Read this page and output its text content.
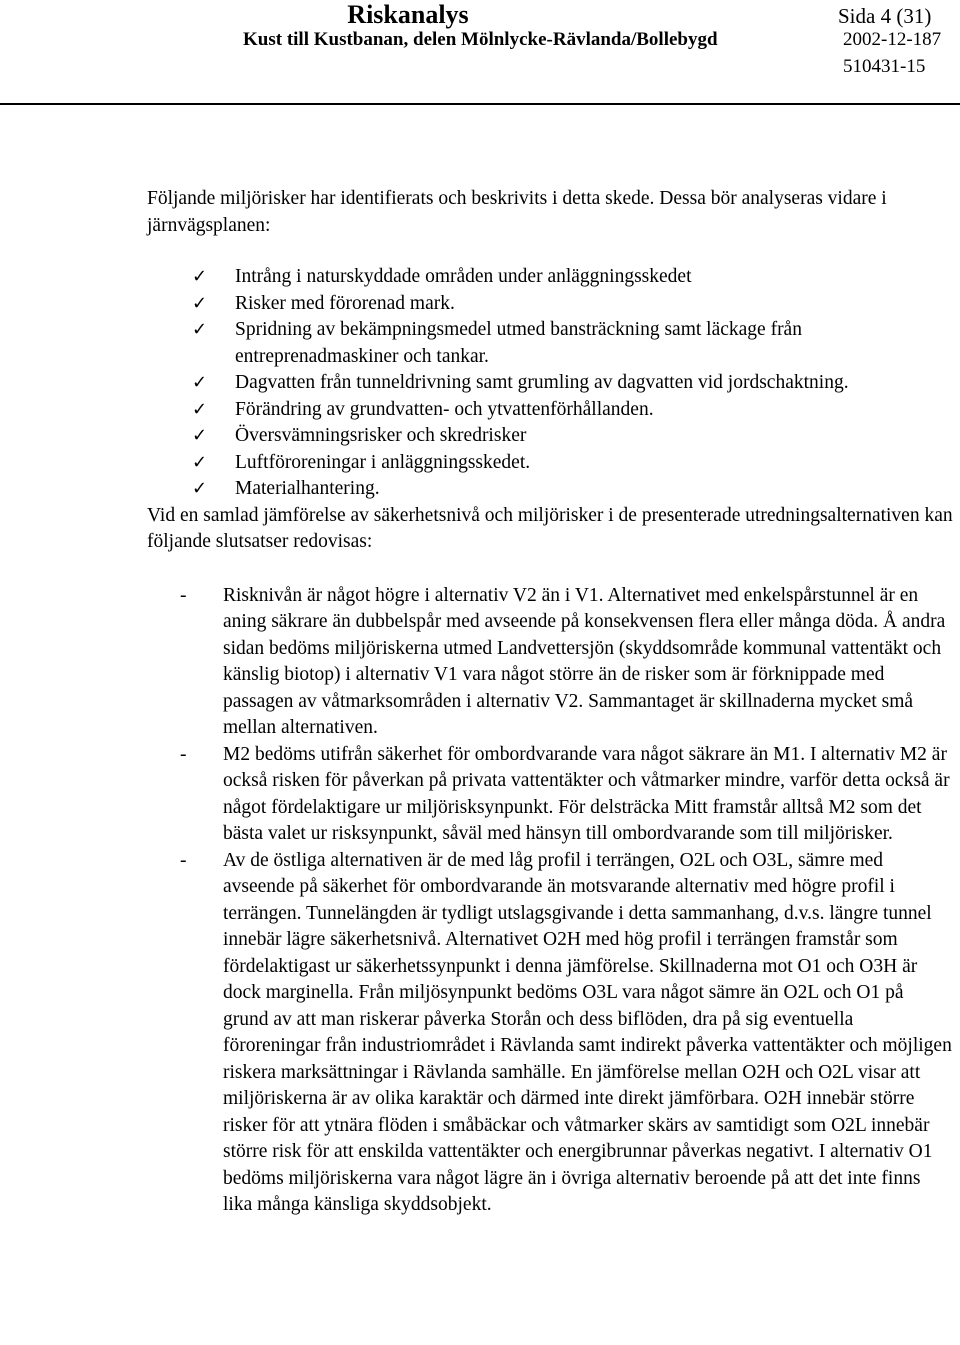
Riskanalys	Sida 4 (31)
Kust till Kustbanan, delen Mölnlycke-Rävlanda/Bollebygd	2002-12-187
510431-15

Följande miljörisker har identifierats och beskrivits i detta skede. Dessa bör analyseras vidare i järnvägsplanen:

✓ Intrång i naturskyddade områden under anläggningsskedet
✓ Risker med förorenad mark.
✓ Spridning av bekämpningsmedel utmed bansträckning samt läckage från entreprenadmaskiner och tankar.
✓ Dagvatten från tunneldrivning samt grumling av dagvatten vid jordschaktning.
✓ Förändring av grundvatten- och ytvattenförhållanden.
✓ Översvämningsrisker och skredrisker
✓ Luftföroreningar i anläggningsskedet.
✓ Materialhantering.

Vid en samlad jämförelse av säkerhetsnivå och miljörisker i de presenterade utredningsalternativen kan följande slutsatser redovisas:

- Risknivån är något högre i alternativ V2 än i V1. Alternativet med enkelspårstunnel är en aning säkrare än dubbelspår med avseende på konsekvensen flera eller många döda. Å andra sidan bedöms miljöriskerna utmed Landvettersjön (skyddsområde kommunal vattentäkt och känslig biotop) i alternativ V1 vara något större än de risker som är förknippade med passagen av våtmarksområden i alternativ V2. Sammantaget är skillnaderna mycket små mellan alternativen.
- M2 bedöms utifrån säkerhet för ombordvarande vara något säkrare än M1. I alternativ M2 är också risken för påverkan på privata vattentäkter och våtmarker mindre, varför detta också är något fördelaktigare ur miljörisksynpunkt. För delsträcka Mitt framstår alltså M2 som det bästa valet ur risksynpunkt, såväl med hänsyn till ombordvarande som till miljörisker.
- Av de östliga alternativen är de med låg profil i terrängen, O2L och O3L, sämre med avseende på säkerhet för ombordvarande än motsvarande alternativ med högre profil i terrängen. Tunnelängden är tydligt utslagsgivande i detta sammanhang, d.v.s. längre tunnel innebär lägre säkerhetsnivå. Alternativet O2H med hög profil i terrängen framstår som fördelaktigast ur säkerhetssynpunkt i denna jämförelse. Skillnaderna mot O1 och O3H är dock marginella. Från miljösynpunkt bedöms O3L vara något sämre än O2L och O1 på grund av att man riskerar påverka Storån och dess biflöden, dra på sig eventuella föroreningar från industriområdet i Rävlanda samt indirekt påverka vattentäkter och möjligen riskera marksättningar i Rävlanda samhälle. En jämförelse mellan O2H och O2L visar att miljöriskerna är av olika karaktär och därmed inte direkt jämförbara. O2H innebär större risker för att ytnära flöden i småbäckar och våtmarker skärs av samtidigt som O2L innebär större risk för att enskilda vattentäkter och energibrunnar påverkas negativt. I alternativ O1 bedöms miljöriskerna vara något lägre än i övriga alternativ beroende på att det inte finns lika många känsliga skyddsobjekt.
